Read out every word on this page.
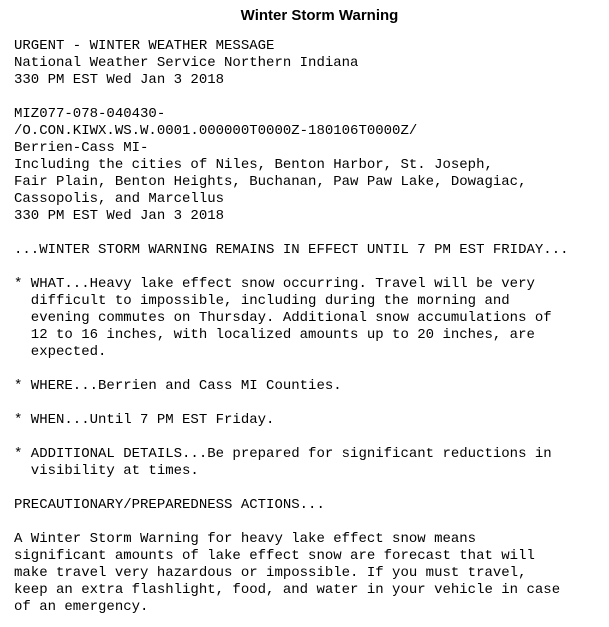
Winter Storm Warning
URGENT - WINTER WEATHER MESSAGE
National Weather Service Northern Indiana
330 PM EST Wed Jan 3 2018
MIZ077-078-040430-
/O.CON.KIWX.WS.W.0001.000000T0000Z-180106T0000Z/
Berrien-Cass MI-
Including the cities of Niles, Benton Harbor, St. Joseph,
Fair Plain, Benton Heights, Buchanan, Paw Paw Lake, Dowagiac,
Cassopolis, and Marcellus
330 PM EST Wed Jan 3 2018
...WINTER STORM WARNING REMAINS IN EFFECT UNTIL 7 PM EST FRIDAY...
* WHAT...Heavy lake effect snow occurring. Travel will be very
difficult to impossible, including during the morning and
evening commutes on Thursday. Additional snow accumulations of
12 to 16 inches, with localized amounts up to 20 inches, are
expected.
* WHERE...Berrien and Cass MI Counties.
* WHEN...Until 7 PM EST Friday.
* ADDITIONAL DETAILS...Be prepared for significant reductions in
visibility at times.
PRECAUTIONARY/PREPAREDNESS ACTIONS...
A Winter Storm Warning for heavy lake effect snow means
significant amounts of lake effect snow are forecast that will
make travel very hazardous or impossible. If you must travel,
keep an extra flashlight, food, and water in your vehicle in case
of an emergency.
